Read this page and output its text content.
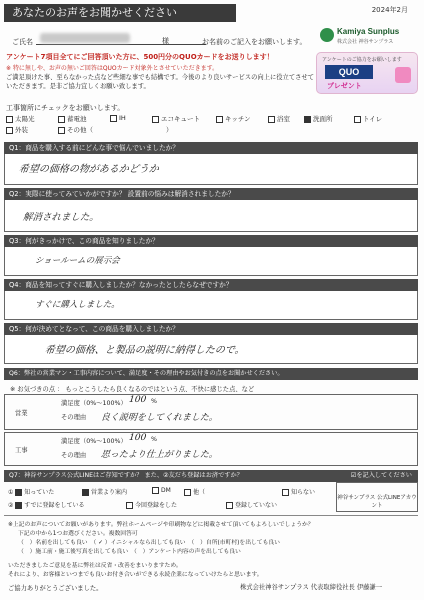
あなたのお声をお聞かせください	2024年2月
Kamiya Sunplus
株式会社 神谷サンプラス
ご氏名	様	お名前のご記入をお願いします。
アンケート7項目全てにご回答頂いた方に、500円分のQUOカードをお送りします！
※ 特に無しや、お声の無いご回答はQUOカード対象外とさせていただきます。
ご満足頂けた事、至らなかった点など些細な事でも結構です。今後のより良いサービスの向上に役立てさせていただきます。是非ご協力宜しくお願い致します。
アンケートのご協力をお願いします
QUO
プレゼント
工事箇所にチェックをお願いします。
太陽光	蓄電池	IH	エコキュート	キッチン	浴室	洗面所	トイレ
外装	その他（	）
Q1：商品を購入する前にどんな事で悩んでいましたか？
希望の価格の物があるかどうか
Q2：実際に使ってみていかがですか？ 設置前の悩みは解消されましたか？
解消されました。
Q3：何がきっかけで、この商品を知りましたか？
ショールームの展示会
Q4：商品を知ってすぐに購入しましたか？なかったとしたらなぜですか？
すぐに購入しました。
Q5：何が決めてとなって、この商品を購入しましたか？
希望の価格、と製品の説明に納得したので。
Q6：弊社の営業マン・工事内容について、満足度・その理由やお気付きの点をお聞かせください。
※ お気づきの点 ： もっとこうしたら良くなるのではという点、不快に感じた点、など
営業
満足度（0%〜100%） 100 %
その理由 良く説明をしてくれました。
工事
満足度（0%〜100%） 100 %
その理由 思ったより仕上がりました。
Q7：神谷サンプラス公式LINEはご存知ですか？ また、②友だち登録はお済ですか？	☑を記入してください
① 知っていた	営業より案内	DM	他（	知らない
② すでに登録をしている	今回登録をした	登録していない
神谷サンプラス 公式LINEアカウント
※上記のお声についてお願いがあります。弊社ホームページや印刷物などに掲載させて頂いてもよろしいでしょうか？
下記の中から1つお選びください。複数回答可
（　）名前を出しても良い　（ ✓ ）イニシャルなら出しても良い　（　）自所(市町村)を出しても良い
（　）施工前・施工後写真を出しても良い　（　）アンケート内容の声を出しても良い
いただきましたご意見を基に弊社は反省・改善をまいりますため。
それにより、お客様といつまでも良いお付き合いができる永続企業になっていけたらと思います。
ご協力ありがとうございました。	株式会社神谷サンプラス 代表取締役社長 伊藤謙一
